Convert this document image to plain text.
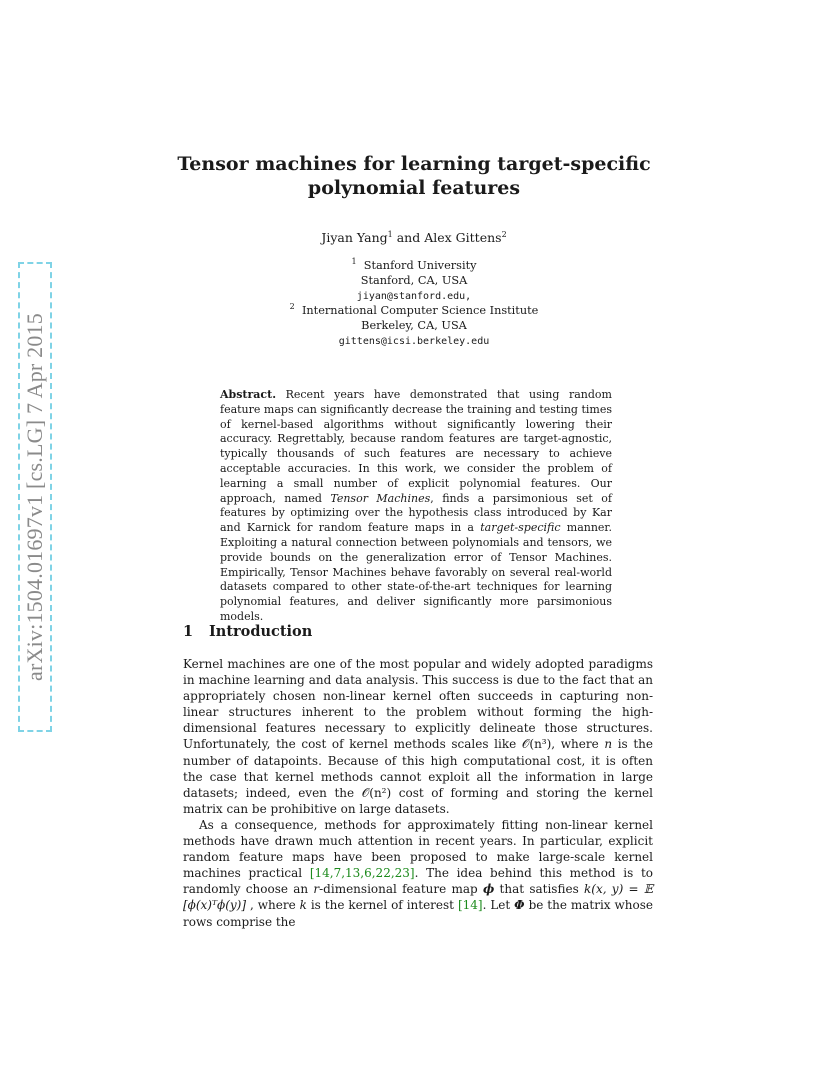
arXiv:1504.01697v1 [cs.LG] 7 Apr 2015
Tensor machines for learning target-specific
polynomial features
Jiyan Yang$^1$ and Alex Gittens$^2$
$^1$ Stanford University
Stanford, CA, USA
jiyan@stanford.edu,
$^2$ International Computer Science Institute
Berkeley, CA, USA
gittens@icsi.berkeley.edu
Abstract. Recent years have demonstrated that using random feature maps can significantly decrease the training and testing times of kernel-based algorithms without significantly lowering their accuracy. Regrettably, because random features are target-agnostic, typically thousands of such features are necessary to achieve acceptable accuracies. In this work, we consider the problem of learning a small number of explicit polynomial features. Our approach, named Tensor Machines, finds a parsimonious set of features by optimizing over the hypothesis class introduced by Kar and Karnick for random feature maps in a target-specific manner. Exploiting a natural connection between polynomials and tensors, we provide bounds on the generalization error of Tensor Machines. Empirically, Tensor Machines behave favorably on several real-world datasets compared to other state-of-the-art techniques for learning polynomial features, and deliver significantly more parsimonious models.
1 Introduction

Kernel machines are one of the most popular and widely adopted paradigms in machine learning and data analysis. This success is due to the fact that an appropriately chosen non-linear kernel often succeeds in capturing non-linear structures inherent to the problem without forming the high-dimensional features necessary to explicitly delineate those structures. Unfortunately, the cost of kernel methods scales like 𝒪(n³), where n is the number of datapoints. Because of this high computational cost, it is often the case that kernel methods cannot exploit all the information in large datasets; indeed, even the 𝒪(n²) cost of forming and storing the kernel matrix can be prohibitive on large datasets.

As a consequence, methods for approximately fitting non-linear kernel methods have drawn much attention in recent years. In particular, explicit random feature maps have been proposed to make large-scale kernel machines practical [14,7,13,6,22,23]. The idea behind this method is to randomly choose an r-dimensional feature map ϕ that satisfies k(x, y) = 𝔼 [ϕ(x)ᵀϕ(y)] , where k is the kernel of interest [14]. Let Φ be the matrix whose rows comprise the
